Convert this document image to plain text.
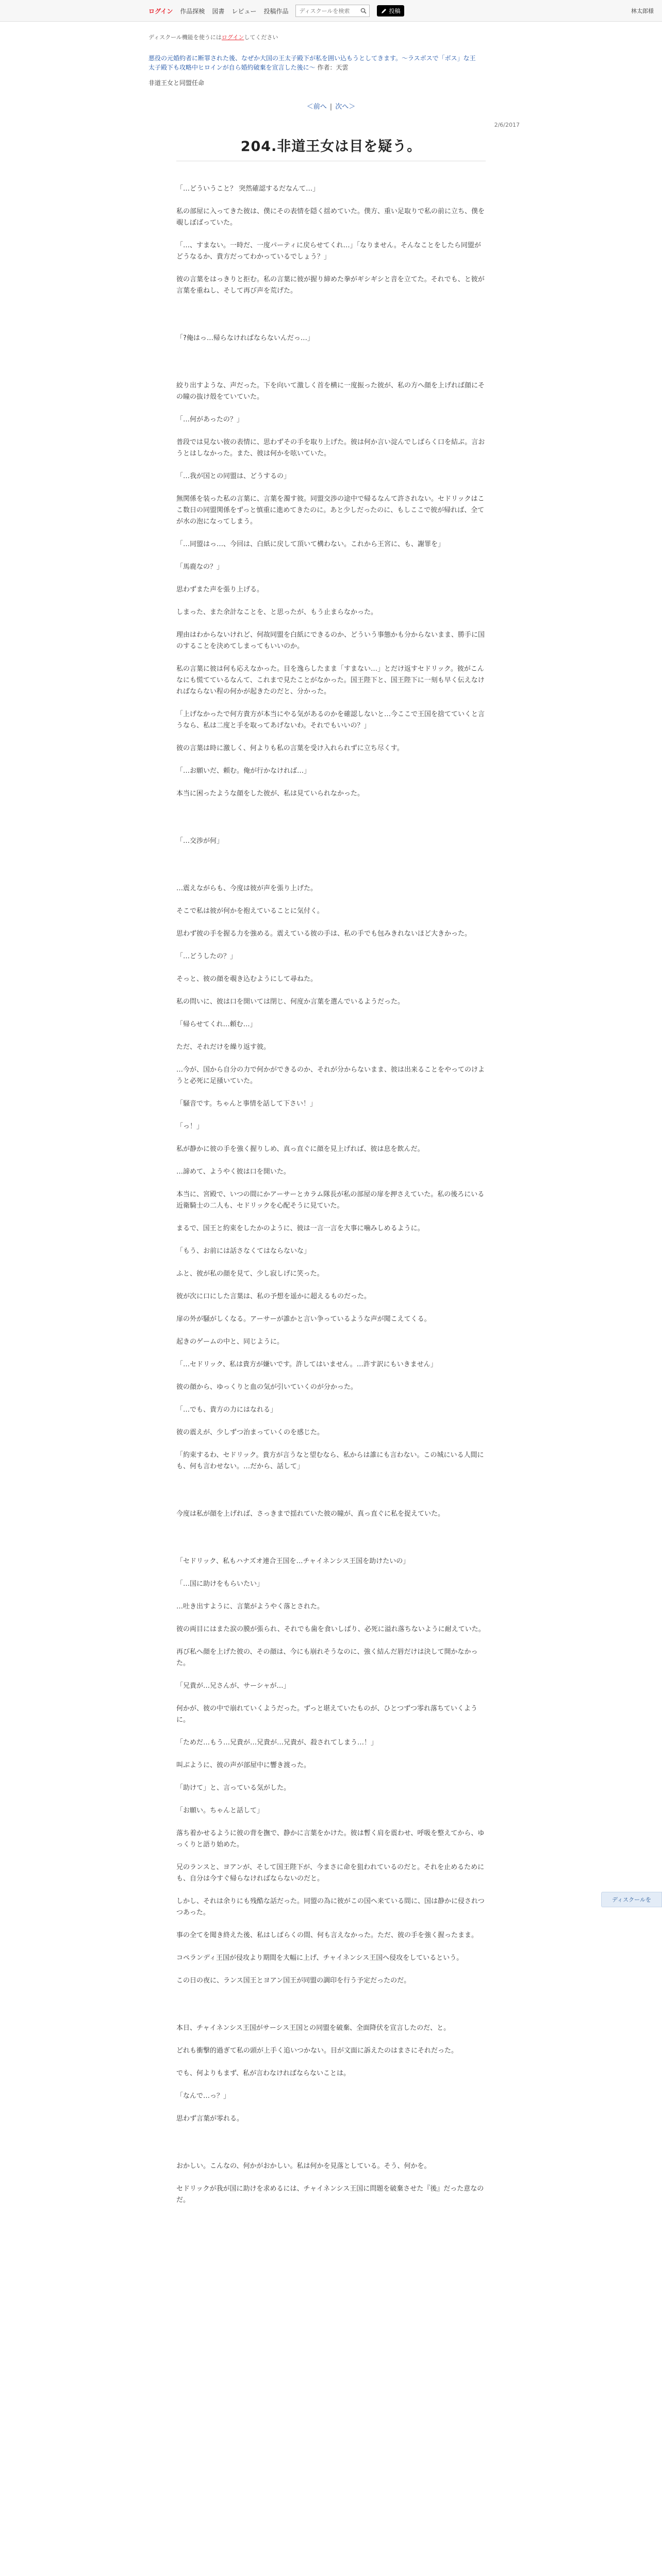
ログイン 作品探検 図書 レビュー 投稿作品
ディスクールを検索	投稿	林太郎様
ディスクール機能を使うにはログインしてください
悪役の元婚約者に断罪された後、なぜか大国の王太子殿下が私を囲い込もうとしてきます。〜ラスボスで「ボス」な王太子殿下も攻略中ヒロインが自ら婚約破棄を宣言した後に〜 作者：天雲
非道王女と同盟任命
＜前へ | 次へ＞
2/6/2017
204.非道王女は目を疑う。

「…どういうこと？ 突然確認するだなんて…」

私の部屋に入ってきた彼は、僕にその表情を隠く揺めていた。僕方、重い足取りで私の前に立ち、僕を覗しぼばっていた。

「…、すまない。一時だ、一度パーティに戻らせてくれ…」「なりません。そんなことをしたら同盟が どうなるか、貴方だってわかっているでしょう？」

彼の言葉をはっきりと拒む。私の言葉に彼が握り締めた拳がギシギシと音を立てた。それでも、と彼が言葉を重ねし、そして再び声を荒げた。

「?俺はっ…帰らなければならないんだっ…」

絞り出すような、声だった。下を向いて激しく首を横に一度振った彼が、私の方へ顔を上げれば顔にその瞳の抜け殻をていていた。

「…何があったの？」

普段では見ない彼の表情に、思わずその手を取り上げた。彼は何か言い淀んでしばらく口を結ぶ。言おうとはしなかった。また、彼は何かを呟いていた。

「…我が国との同盟は、どうするの」

無関係を装った私の言葉に、言葉を濁す彼。同盟交渉の途中で帰るなんて許されない。セドリックはここ数日の同盟関係をずっと慎重に進めてきたのに。あと少しだったのに、もしここで彼が帰れば、全てが水の泡になってしまう。

「…同盟はっ…、今回は、白紙に戻して頂いて構わない。これから王宮に、も、謝罪を」

「馬鹿なの？」

思わずまた声を張り上げる。

しまった、また余計なことを、と思ったが、もう止まらなかった。

理由はわからないけれど、何故同盟を白紙にできるのか、どういう事態かも分からないまま、勝手に国のすることを決めてしまってもいいのか。

私の言葉に彼は何も応えなかった。目を逸らしたまま「すまない…」とだけ返すセドリック。彼がこんなにも慌てているなんて、これまで見たことがなかった。国王陛下と、国王陛下に一刻も早く伝えなければならない程の何かが起きたのだと、分かった。

「上げなかったで何方貴方が本当にやる気があるのかを確認しないと…今ここで王国を捨てていくと言うなら、私は二度と手を取ってあげないわ。それでもいいの？」

彼の言葉は時に激しく、何よりも私の言葉を受け入れられずに立ち尽くす。

「…お願いだ、頼む。俺が行かなければ…」

本当に困ったような顔をした彼が、私は見ていられなかった。

「…交渉が何」

…震えながらも、今度は彼が声を張り上げた。

そこで私は彼が何かを抱えていることに気付く。

思わず彼の手を握る力を強める。震えている彼の手は、私の手でも包みきれないほど大きかった。

「…どうしたの？」

そっと、彼の顔を覗き込むようにして尋ねた。

私の問いに、彼は口を開いては閉じ、何度か言葉を選んでいるようだった。

「帰らせてくれ…頼む…」

ただ、それだけを繰り返す彼。

…今が、国から自分の力で何かができるのか、それが分からないまま、彼は出来ることをやってのけようと必死に足掻いていた。

「騒音です。ちゃんと事情を話して下さい！」

「っ！」

私が静かに彼の手を強く握りしめ、真っ直ぐに顔を見上げれば、彼は息を飲んだ。

…諦めて、ようやく彼は口を開いた。

本当に、宮殿で、いつの間にかアーサーとカラム隊長が私の部屋の扉を押さえていた。私の後ろにいる近衛騎士の二人も、セドリックを心配そうに見ていた。

まるで、国王と約束をしたかのように、彼は一言一言を大事に噛みしめるように。

「もう、お前には話さなくてはならないな」

ふと、彼が私の顔を見て、少し寂しげに笑った。

彼が次に口にした言葉は、私の予想を遥かに超えるものだった。

扉の外が騒がしくなる。アーサーが誰かと言い争っているような声が聞こえてくる。

起きのゲームの中と、同じように。

「…セドリック、私は貴方が嫌いです。許してはいません。…許す訳にもいきません」

彼の顔から、ゆっくりと血の気が引いていくのが分かった。

「…でも、貴方の力にはなれる」

彼の震えが、少しずつ治まっていくのを感じた。

「約束するわ、セドリック。貴方が言うなと望むなら、私からは誰にも言わない。この城にいる人間にも、何も言わせない。…だから、話して」

今度は私が顔を上げれば、さっきまで揺れていた彼の瞳が、真っ直ぐに私を捉えていた。

「セドリック、私もハナズオ連合王国を…チャイネンシス王国を助けたいの」

「…国に助けをもらいたい」

…吐き出すように、言葉がようやく落とされた。

彼の両目にはまた涙の膜が張られ、それでも歯を食いしばり、必死に溢れ落ちないように耐えていた。

再び私へ顔を上げた彼の、その顔は、今にも崩れそうなのに、強く結んだ唇だけは決して開かなかった。

「兄貴が…兄さんが、サーシャが…」

何かが、彼の中で崩れていくようだった。ずっと堪えていたものが、ひとつずつ零れ落ちていくように。

「ためだ…もう…兄貴が…兄貴が…兄貴が、殺されてしまう…！」

叫ぶように、彼の声が部屋中に響き渡った。

「助けて」と、言っている気がした。

「お願い。ちゃんと話して」

落ち着かせるように彼の背を撫で、静かに言葉をかけた。彼は暫く肩を震わせ、呼吸を整えてから、ゆっくりと語り始めた。

兄のランスと、ヨアンが、そして国王陛下が、今まさに命を狙われているのだと。それを止めるためにも、自分は今すぐ帰らなければならないのだと。

しかし、それは余りにも残酷な話だった。同盟の為に彼がこの国へ来ている間に、国は静かに侵されつつあった。

事の全てを聞き終えた後、私はしばらくの間、何も言えなかった。ただ、彼の手を強く握ったまま。

コペランディ王国が侵攻より期間を大幅に上げ、チャイネンシス王国へ侵攻をしているという。

この日の夜に、ランス国王とヨアン国王が同盟の調印を行う予定だったのだ。

本日、チャイネンシス王国がサーシス王国との同盟を破棄、全面降伏を宣言したのだ、と。

どれも衝撃的過ぎて私の頭が上手く追いつかない。目が文面に訴えたのはまさにそれだった。

でも、何よりもまず、私が言わなければならないことは。

「なんで…っ？」

思わず言葉が零れる。

おかしい。こんなの、何かがおかしい。私は何かを見落としている。そう、何かを。

セドリックが我が国に助けを求めるには、チャイネンシス王国に問題を破棄させた『後』だった意なのだ。

ディスクールを
